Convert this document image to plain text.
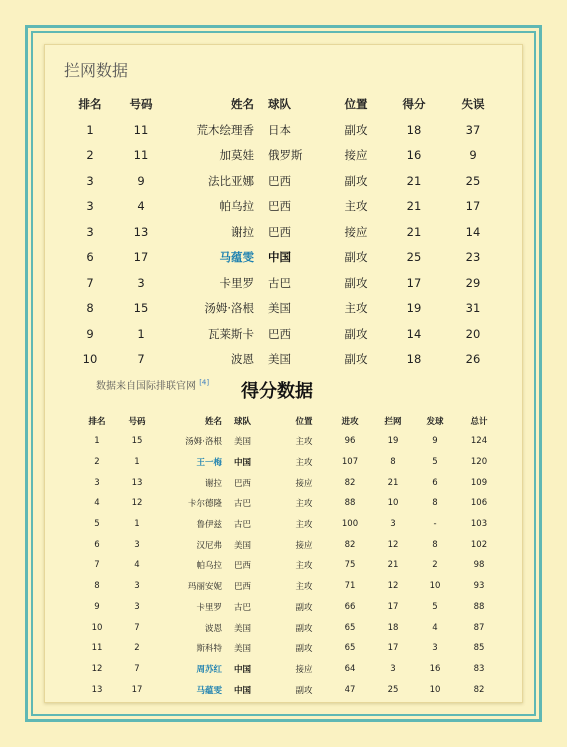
拦网数据
排名	号码	姓名	球队	位置	得分	失误
1	11	荒木绘理香	日本	副攻	18	37
2	11	加莫娃	俄罗斯	接应	16	9
3	9	法比亚娜	巴西	副攻	21	25
3	4	帕乌拉	巴西	主攻	21	17
3	13	谢拉	巴西	接应	21	14
6	17	马蕴雯	中国	副攻	25	23
7	3	卡里罗	古巴	副攻	17	29
8	15	汤姆·洛根	美国	主攻	19	31
9	1	瓦莱斯卡	巴西	副攻	14	20
10	7	波恩	美国	副攻	18	26
数据来自国际排联官网 [4] 得分数据
排名	号码	姓名	球队	位置	进攻	拦网	发球	总计
1	15	汤姆·洛根	美国	主攻	96	19	9	124
2	1	王一梅	中国	主攻	107	8	5	120
3	13	谢拉	巴西	接应	82	21	6	109
4	12	卡尔德隆	古巴	主攻	88	10	8	106
5	1	鲁伊兹	古巴	主攻	100	3	-	103
6	3	汉尼弗	美国	接应	82	12	8	102
7	4	帕乌拉	巴西	主攻	75	21	2	98
8	3	玛丽安妮	巴西	主攻	71	12	10	93
9	3	卡里罗	古巴	副攻	66	17	5	88
10	7	波恩	美国	副攻	65	18	4	87
11	2	斯科特	美国	副攻	65	17	3	85
12	7	周苏红	中国	接应	64	3	16	83
13	17	马蕴雯	中国	副攻	47	25	10	82
